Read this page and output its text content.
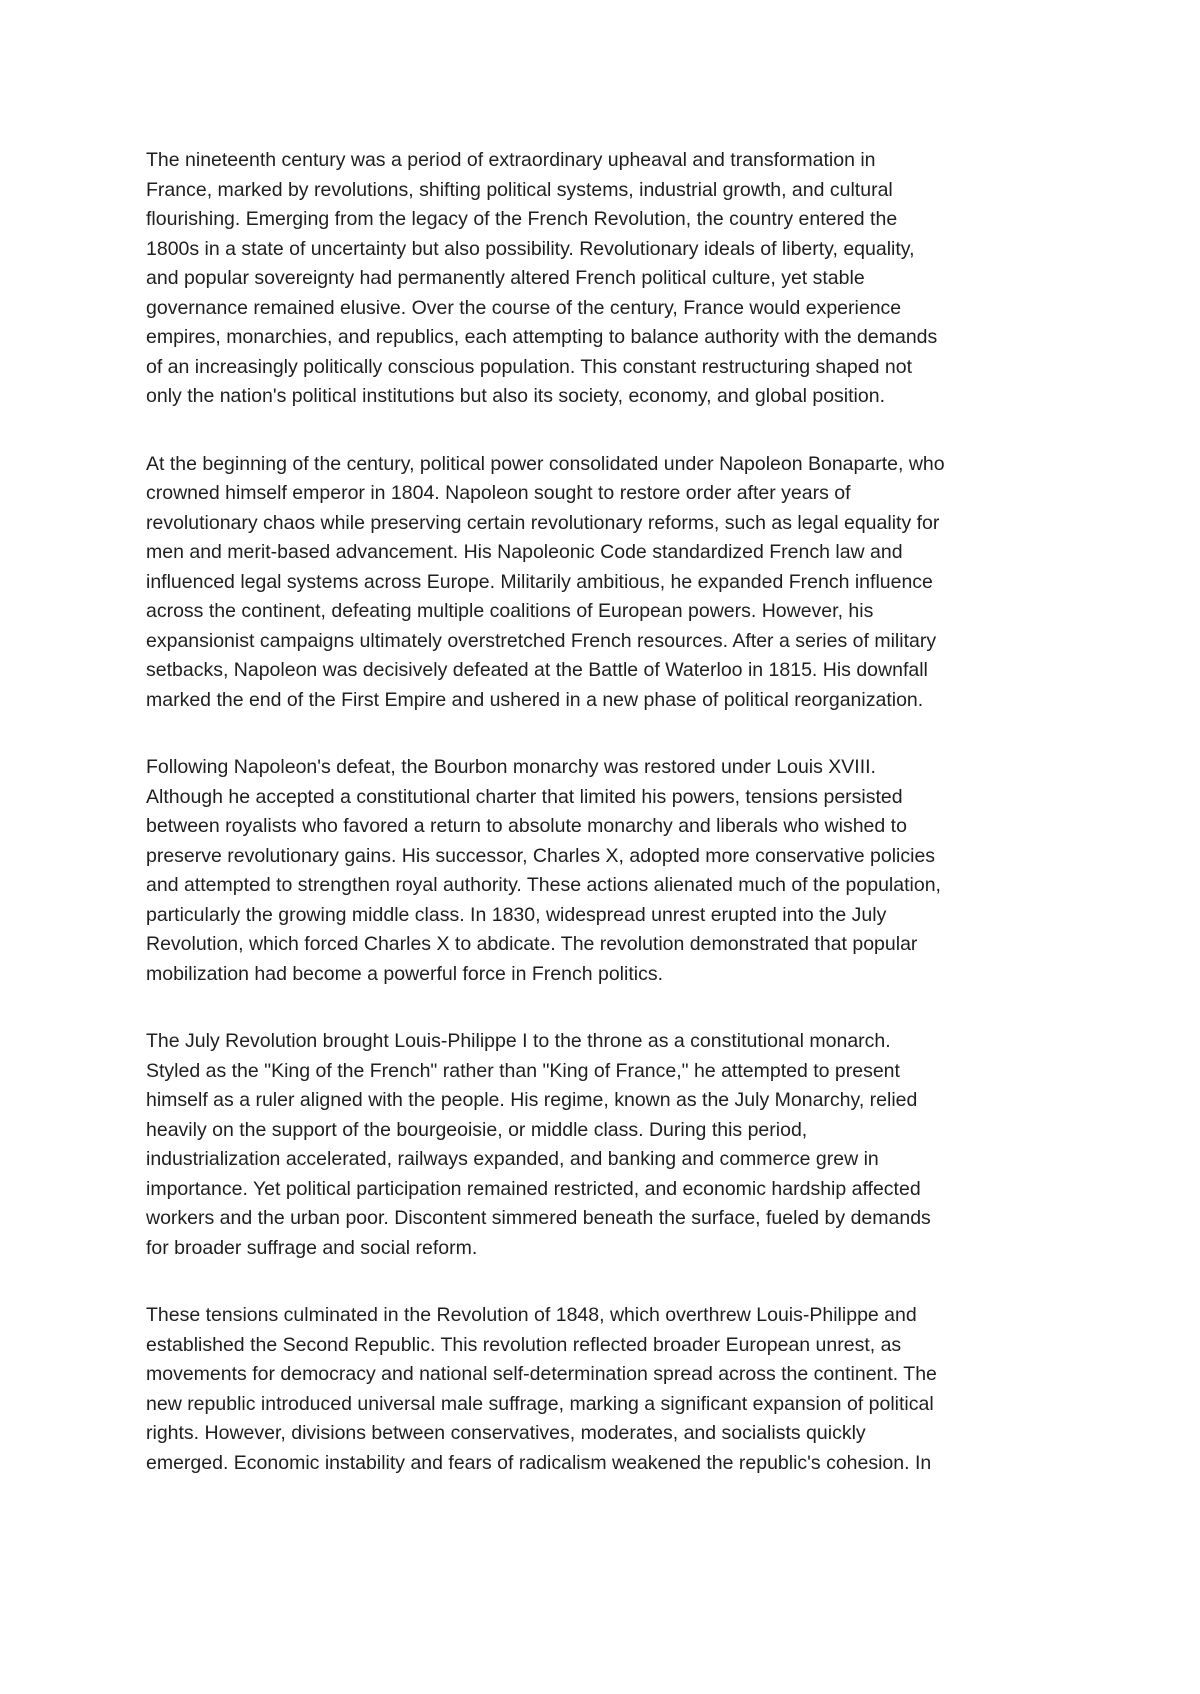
The nineteenth century was a period of extraordinary upheaval and transformation in
France, marked by revolutions, shifting political systems, industrial growth, and cultural
flourishing. Emerging from the legacy of the French Revolution, the country entered the
1800s in a state of uncertainty but also possibility. Revolutionary ideals of liberty, equality,
and popular sovereignty had permanently altered French political culture, yet stable
governance remained elusive. Over the course of the century, France would experience
empires, monarchies, and republics, each attempting to balance authority with the demands
of an increasingly politically conscious population. This constant restructuring shaped not
only the nation's political institutions but also its society, economy, and global position.

At the beginning of the century, political power consolidated under Napoleon Bonaparte, who
crowned himself emperor in 1804. Napoleon sought to restore order after years of
revolutionary chaos while preserving certain revolutionary reforms, such as legal equality for
men and merit-based advancement. His Napoleonic Code standardized French law and
influenced legal systems across Europe. Militarily ambitious, he expanded French influence
across the continent, defeating multiple coalitions of European powers. However, his
expansionist campaigns ultimately overstretched French resources. After a series of military
setbacks, Napoleon was decisively defeated at the Battle of Waterloo in 1815. His downfall
marked the end of the First Empire and ushered in a new phase of political reorganization.

Following Napoleon's defeat, the Bourbon monarchy was restored under Louis XVIII.
Although he accepted a constitutional charter that limited his powers, tensions persisted
between royalists who favored a return to absolute monarchy and liberals who wished to
preserve revolutionary gains. His successor, Charles X, adopted more conservative policies
and attempted to strengthen royal authority. These actions alienated much of the population,
particularly the growing middle class. In 1830, widespread unrest erupted into the July
Revolution, which forced Charles X to abdicate. The revolution demonstrated that popular
mobilization had become a powerful force in French politics.

The July Revolution brought Louis-Philippe I to the throne as a constitutional monarch.
Styled as the "King of the French" rather than "King of France," he attempted to present
himself as a ruler aligned with the people. His regime, known as the July Monarchy, relied
heavily on the support of the bourgeoisie, or middle class. During this period,
industrialization accelerated, railways expanded, and banking and commerce grew in
importance. Yet political participation remained restricted, and economic hardship affected
workers and the urban poor. Discontent simmered beneath the surface, fueled by demands
for broader suffrage and social reform.

These tensions culminated in the Revolution of 1848, which overthrew Louis-Philippe and
established the Second Republic. This revolution reflected broader European unrest, as
movements for democracy and national self-determination spread across the continent. The
new republic introduced universal male suffrage, marking a significant expansion of political
rights. However, divisions between conservatives, moderates, and socialists quickly
emerged. Economic instability and fears of radicalism weakened the republic's cohesion. In
